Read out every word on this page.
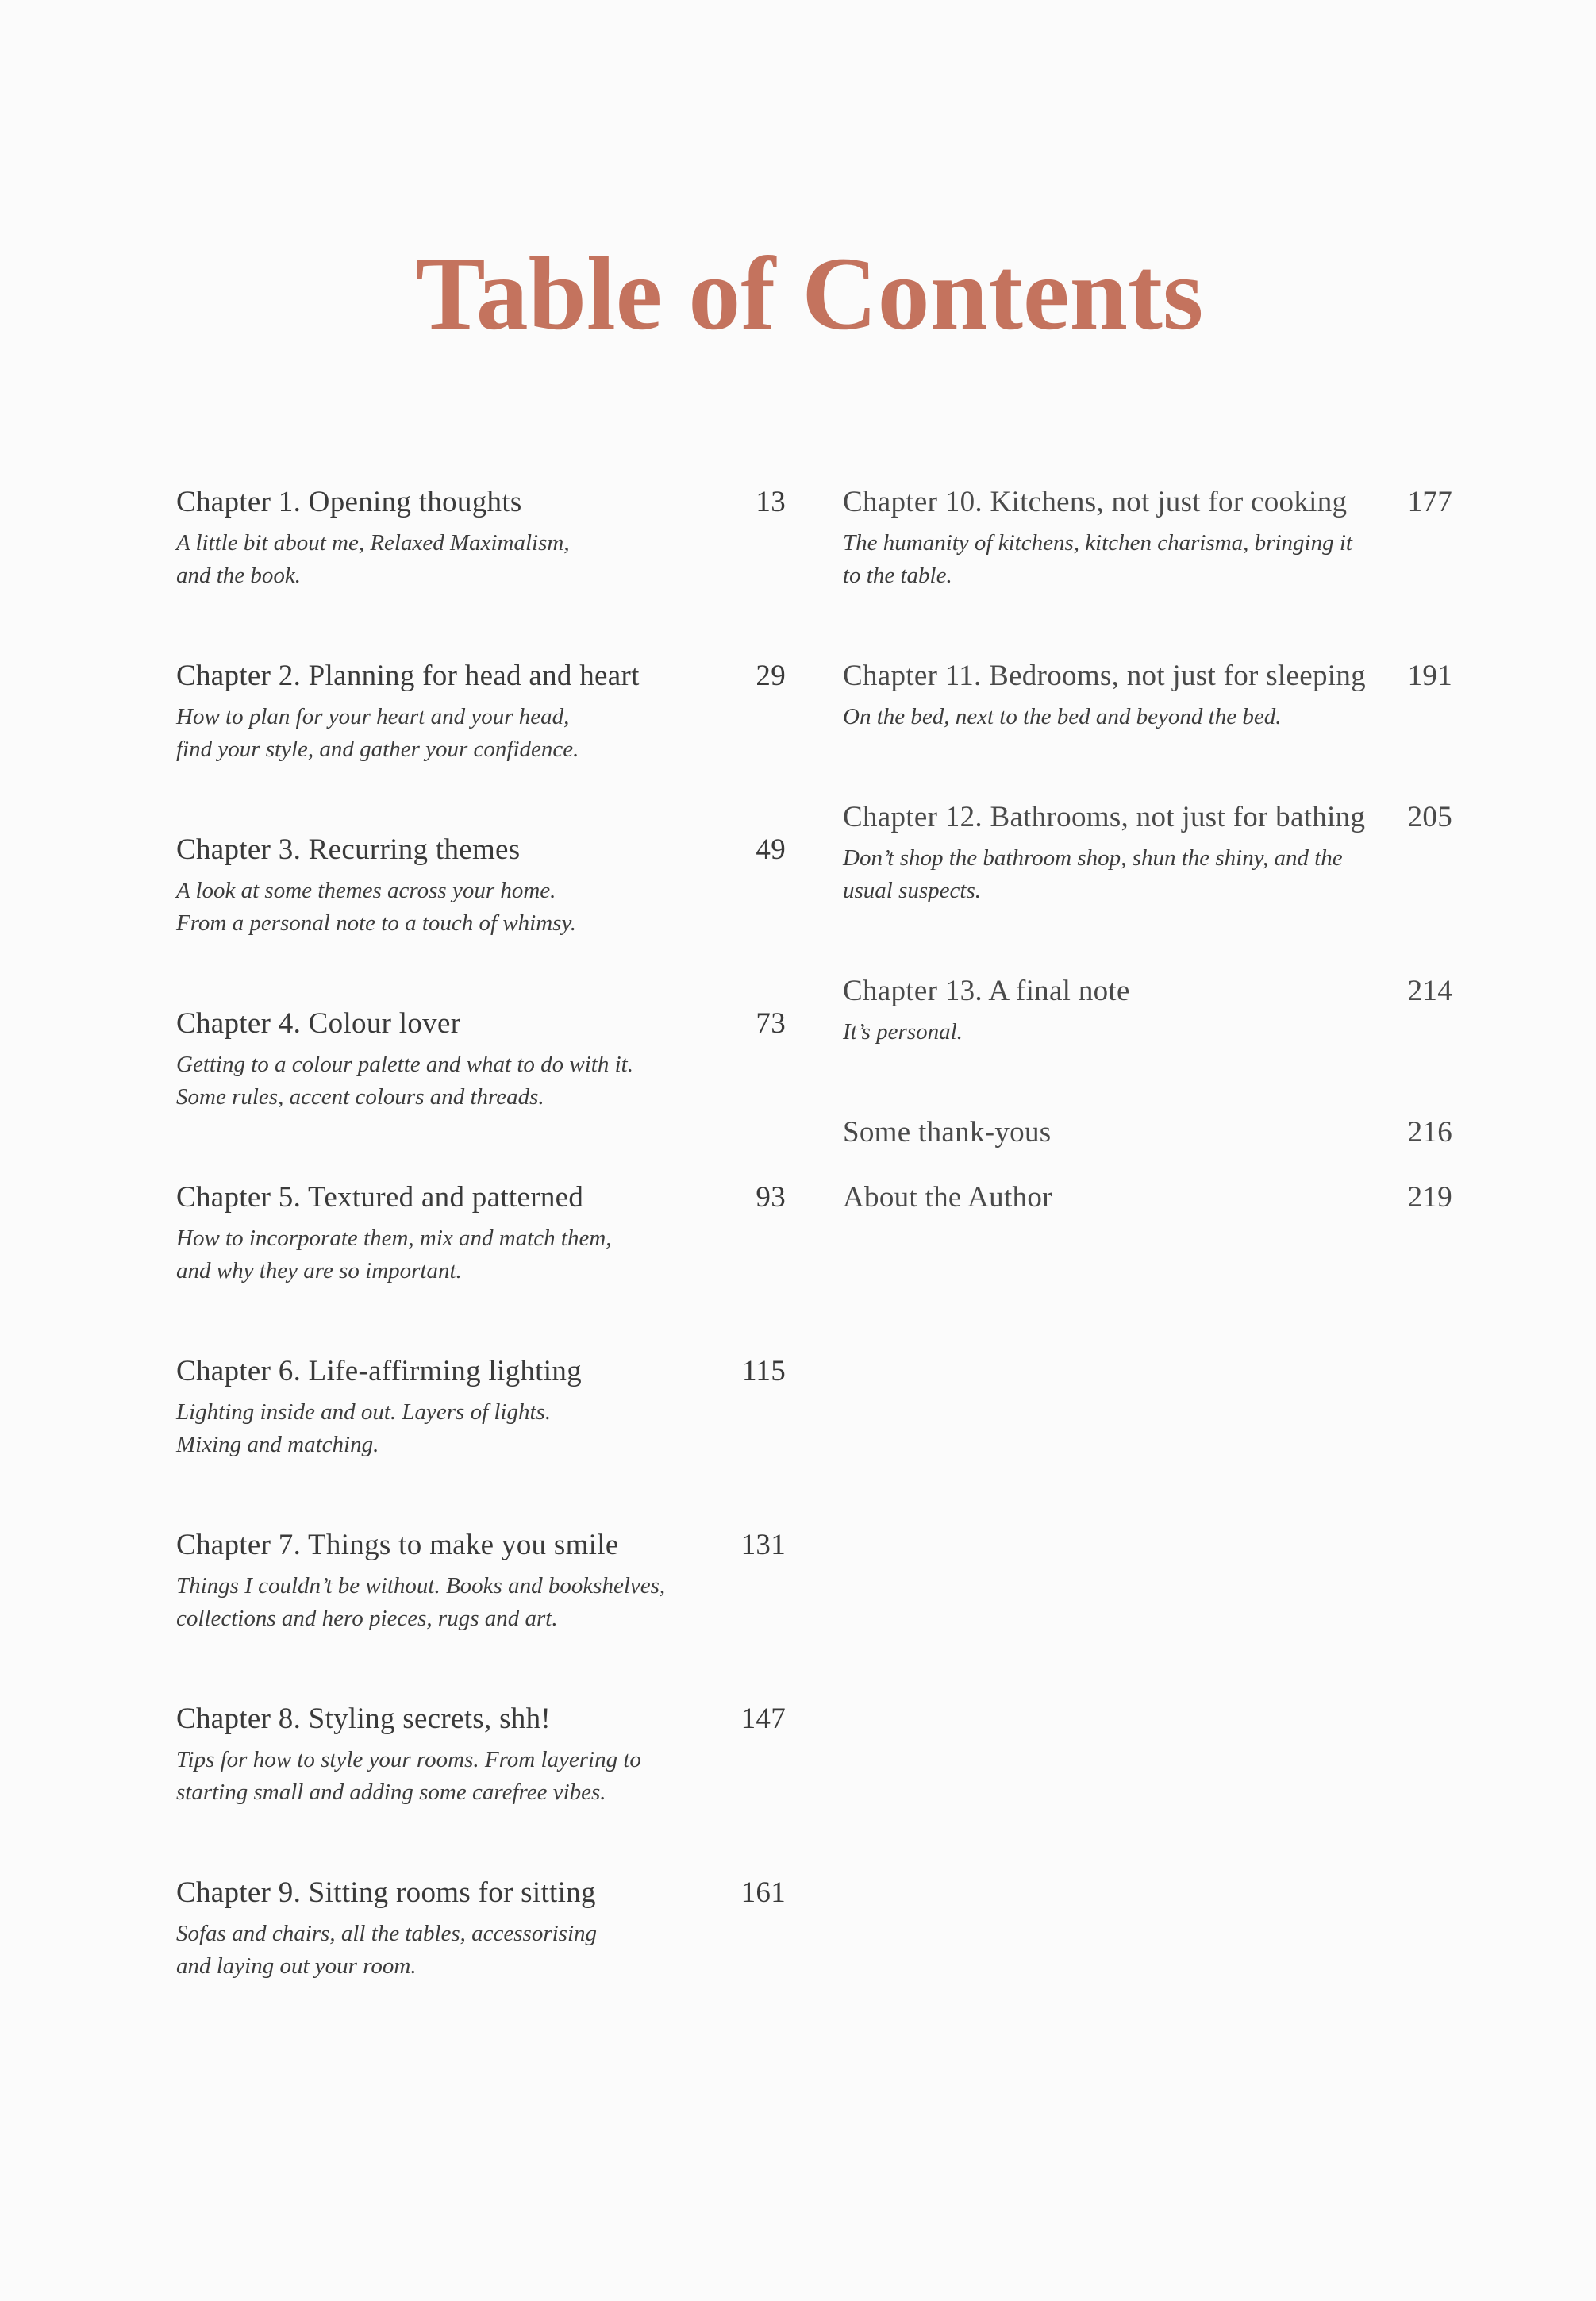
Table of Contents
Chapter 1. Opening thoughts	13
A little bit about me, Relaxed Maximalism,
and the book.
Chapter 2. Planning for head and heart	29
How to plan for your heart and your head,
find your style, and gather your confidence.
Chapter 3. Recurring themes	49
A look at some themes across your home.
From a personal note to a touch of whimsy.
Chapter 4. Colour lover	73
Getting to a colour palette and what to do with it.
Some rules, accent colours and threads.
Chapter 5. Textured and patterned	93
How to incorporate them, mix and match them,
and why they are so important.
Chapter 6. Life-affirming lighting	115
Lighting inside and out. Layers of lights.
Mixing and matching.
Chapter 7. Things to make you smile	131
Things I couldn’t be without. Books and bookshelves,
collections and hero pieces, rugs and art.
Chapter 8. Styling secrets, shh!	147
Tips for how to style your rooms. From layering to
starting small and adding some carefree vibes.
Chapter 9. Sitting rooms for sitting	161
Sofas and chairs, all the tables, accessorising
and laying out your room.
Chapter 10. Kitchens, not just for cooking 177
The humanity of kitchens, kitchen charisma, bringing it
to the table.
Chapter 11. Bedrooms, not just for sleeping 191
On the bed, next to the bed and beyond the bed.
Chapter 12. Bathrooms, not just for bathing 205
Don’t shop the bathroom shop, shun the shiny, and the
usual suspects.
Chapter 13. A final note	214
It’s personal.
Some thank-yous	216
About the Author	219
